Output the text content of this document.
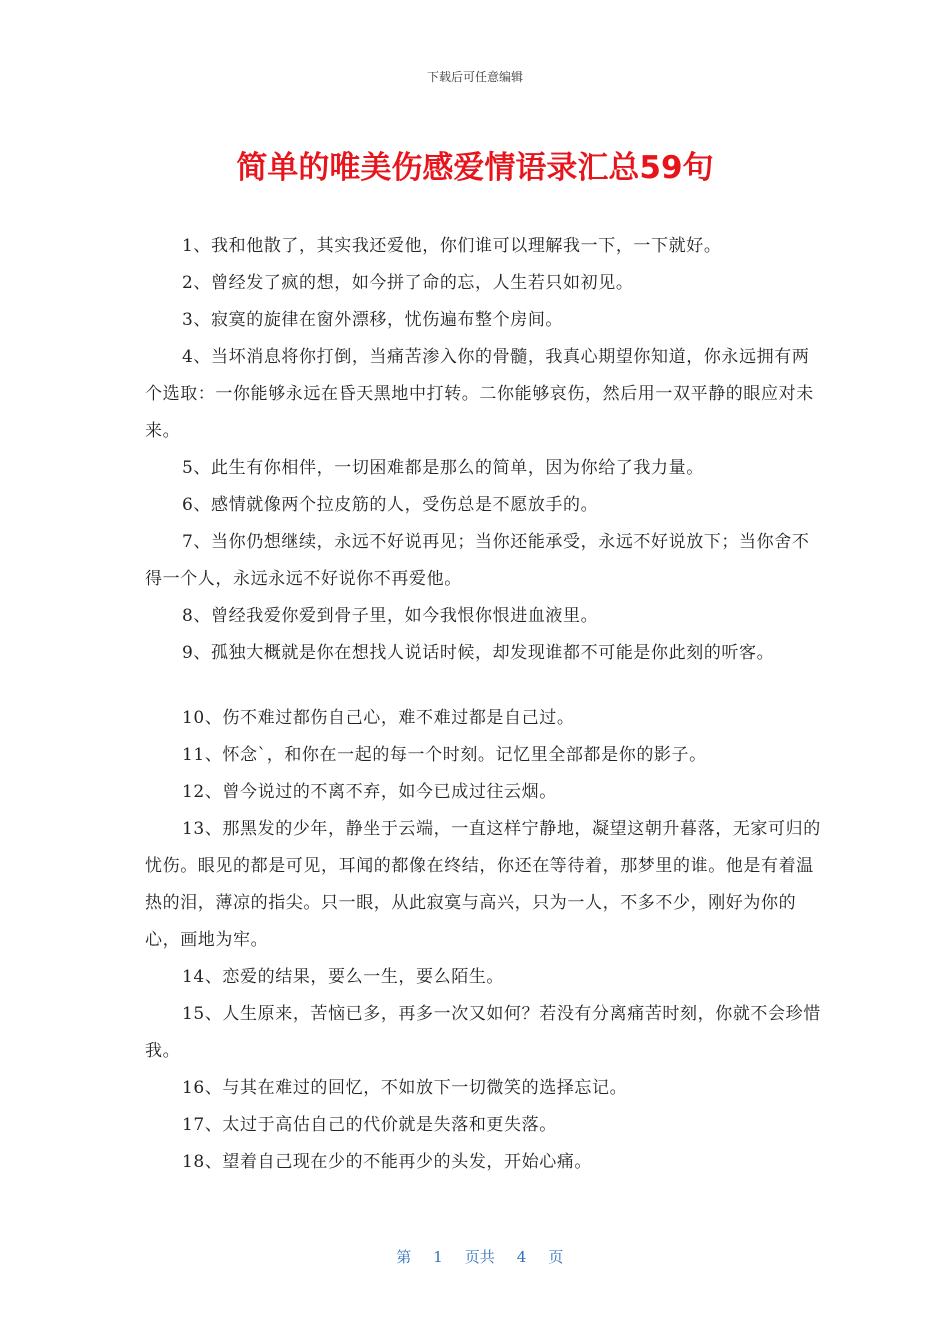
下载后可任意编辑
简单的唯美伤感爱情语录汇总59句

1、我和他散了，其实我还爱他，你们谁可以理解我一下，一下就好。

2、曾经发了疯的想，如今拼了命的忘，人生若只如初见。

3、寂寞的旋律在窗外漂移，忧伤遍布整个房间。

4、当坏消息将你打倒，当痛苦渗入你的骨髓，我真心期望你知道，你永远拥有两个选取：一你能够永远在昏天黑地中打转。二你能够哀伤，然后用一双平静的眼应对未来。

5、此生有你相伴，一切困难都是那么的简单，因为你给了我力量。

6、感情就像两个拉皮筋的人，受伤总是不愿放手的。

7、当你仍想继续，永远不好说再见；当你还能承受，永远不好说放下；当你舍不得一个人，永远永远不好说你不再爱他。

8、曾经我爱你爱到骨子里，如今我恨你恨进血液里。

9、孤独大概就是你在想找人说话时候，却发现谁都不可能是你此刻的听客。

10、伤不难过都伤自己心，难不难过都是自己过。

11、怀念`，和你在一起的每一个时刻。记忆里全部都是你的影子。

12、曾今说过的不离不弃，如今已成过往云烟。

13、那黑发的少年，静坐于云端，一直这样宁静地，凝望这朝升暮落，无家可归的忧伤。眼见的都是可见，耳闻的都像在终结，你还在等待着，那梦里的谁。他是有着温热的泪，薄凉的指尖。只一眼，从此寂寞与高兴，只为一人，不多不少，刚好为你的心，画地为牢。

14、恋爱的结果，要么一生，要么陌生。

15、人生原来，苦恼已多，再多一次又如何？若没有分离痛苦时刻，你就不会珍惜我。

16、与其在难过的回忆，不如放下一切微笑的选择忘记。

17、太过于高估自己的代价就是失落和更失落。

18、望着自己现在少的不能再少的头发，开始心痛。

第 1 页共 4 页
